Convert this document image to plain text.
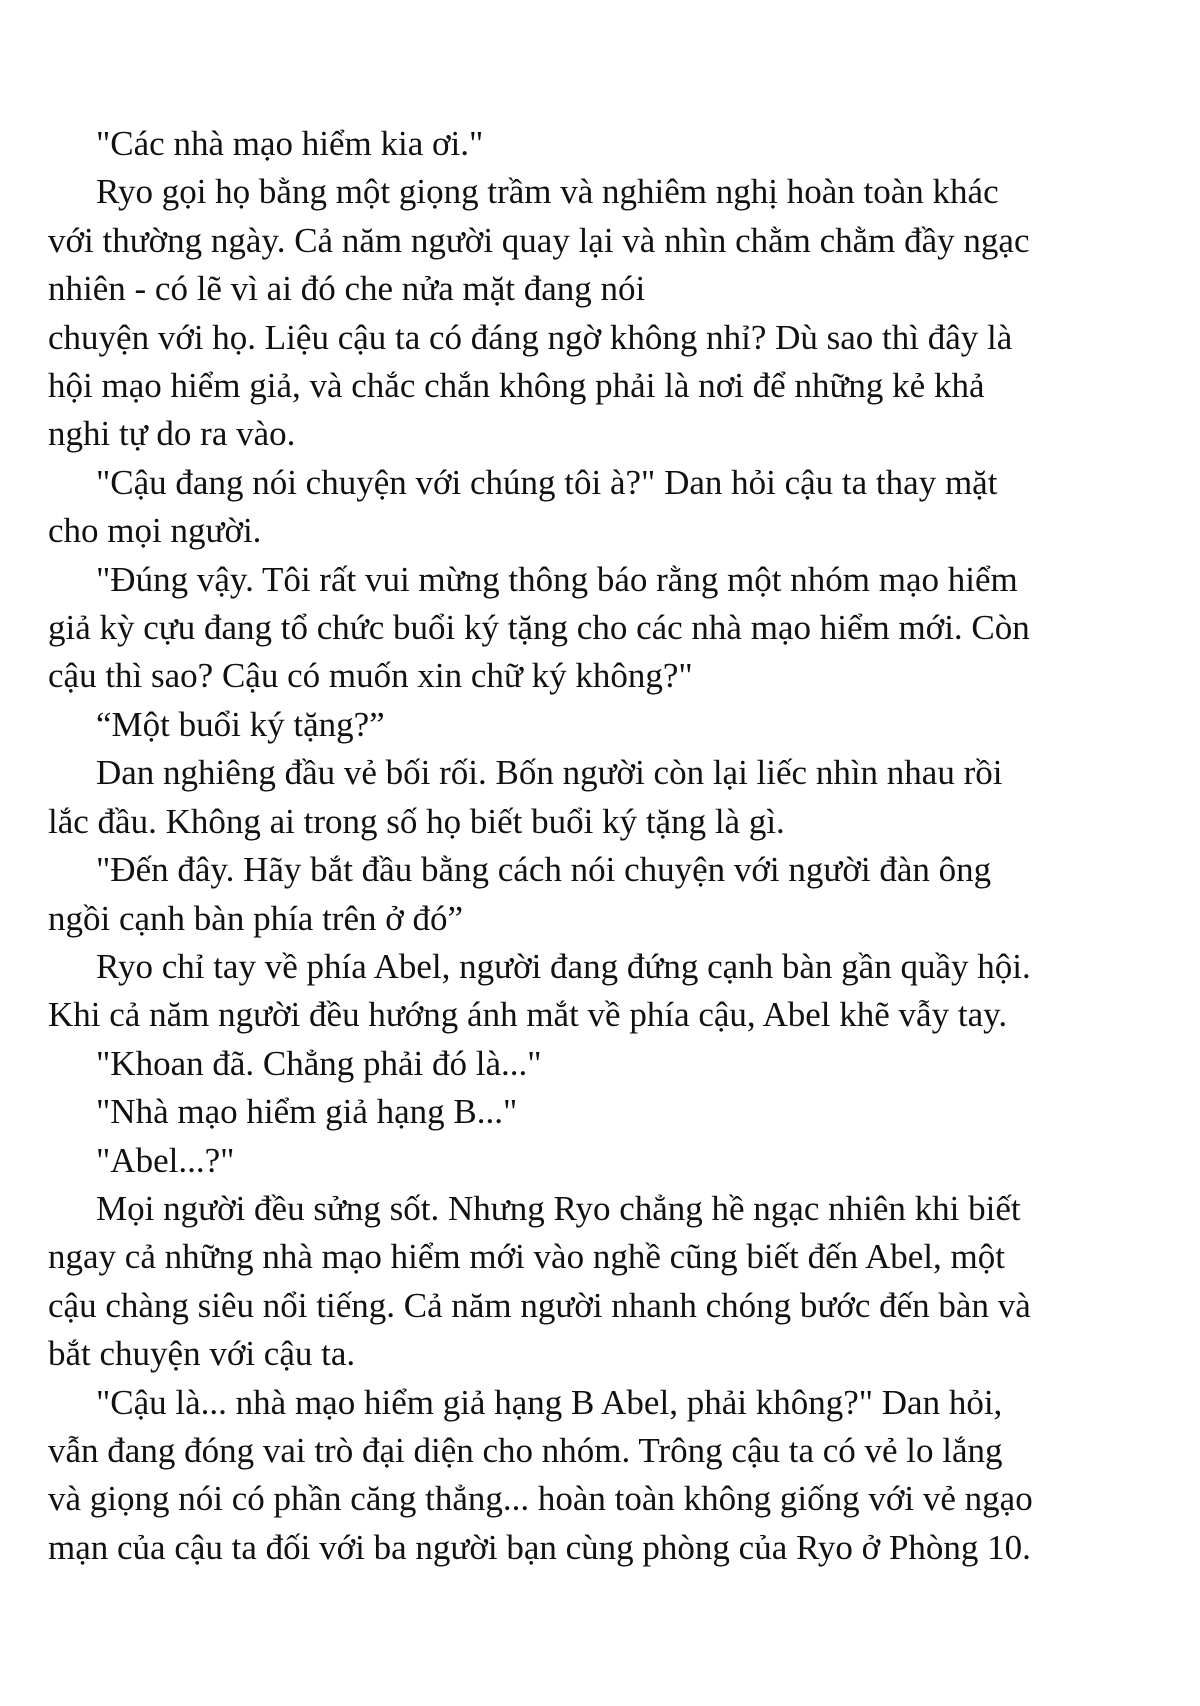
"Các nhà mạo hiểm kia ơi."
Ryo gọi họ bằng một giọng trầm và nghiêm nghị hoàn toàn khác
với thường ngày. Cả năm người quay lại và nhìn chằm chằm đầy ngạc
nhiên - có lẽ vì ai đó che nửa mặt đang nói
chuyện với họ. Liệu cậu ta có đáng ngờ không nhỉ? Dù sao thì đây là
hội mạo hiểm giả, và chắc chắn không phải là nơi để những kẻ khả
nghi tự do ra vào.
"Cậu đang nói chuyện với chúng tôi à?" Dan hỏi cậu ta thay mặt
cho mọi người.
"Đúng vậy. Tôi rất vui mừng thông báo rằng một nhóm mạo hiểm
giả kỳ cựu đang tổ chức buổi ký tặng cho các nhà mạo hiểm mới. Còn
cậu thì sao? Cậu có muốn xin chữ ký không?"
“Một buổi ký tặng?”
Dan nghiêng đầu vẻ bối rối. Bốn người còn lại liếc nhìn nhau rồi
lắc đầu. Không ai trong số họ biết buổi ký tặng là gì.
"Đến đây. Hãy bắt đầu bằng cách nói chuyện với người đàn ông
ngồi cạnh bàn phía trên ở đó”
Ryo chỉ tay về phía Abel, người đang đứng cạnh bàn gần quầy hội.
Khi cả năm người đều hướng ánh mắt về phía cậu, Abel khẽ vẫy tay.
"Khoan đã. Chẳng phải đó là..."
"Nhà mạo hiểm giả hạng B..."
"Abel...?"
Mọi người đều sửng sốt. Nhưng Ryo chẳng hề ngạc nhiên khi biết
ngay cả những nhà mạo hiểm mới vào nghề cũng biết đến Abel, một
cậu chàng siêu nổi tiếng. Cả năm người nhanh chóng bước đến bàn và
bắt chuyện với cậu ta.
"Cậu là... nhà mạo hiểm giả hạng B Abel, phải không?" Dan hỏi,
vẫn đang đóng vai trò đại diện cho nhóm. Trông cậu ta có vẻ lo lắng
và giọng nói có phần căng thẳng... hoàn toàn không giống với vẻ ngạo
mạn của cậu ta đối với ba người bạn cùng phòng của Ryo ở Phòng 10.
